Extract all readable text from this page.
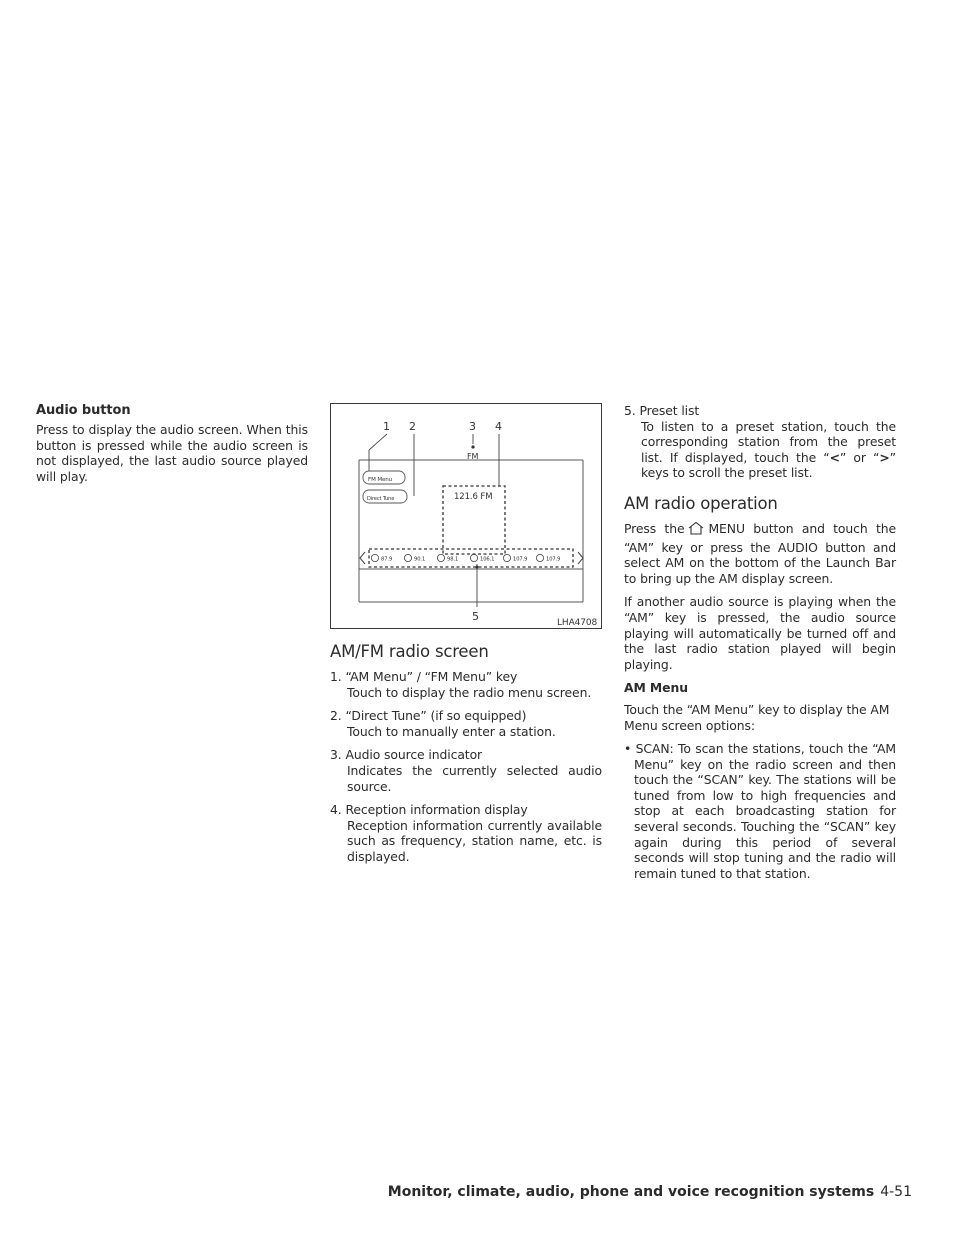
Audio button

Press to display the audio screen. When this button is pressed while the audio screen is not displayed, the last audio source played will play.

1 2	3 4
5
FM
FM Menu
Direct Tune	121.6 FM
87.9	90.1	98.1	106.1	107.9	107.9
LHA4708
AM/FM radio screen
1. “AM Menu” / “FM Menu” key
Touch to display the radio menu screen.
2. “Direct Tune” (if so equipped)
Touch to manually enter a station.
3. Audio source indicator
Indicates the currently selected audio source.
4. Reception information display
Reception information currently available such as frequency, station name, etc. is displayed.
5. Preset list
To listen to a preset station, touch the corresponding station from the preset list. If displayed, touch the “<” or “>” keys to scroll the preset list.
AM radio operation

Press the MENU button and touch the “AM” key or press the AUDIO button and select AM on the bottom of the Launch Bar to bring up the AM display screen.

If another audio source is playing when the “AM” key is pressed, the audio source playing will automatically be turned off and the last radio station played will begin playing.

AM Menu

Touch the “AM Menu” key to display the AM Menu screen options:

• SCAN: To scan the stations, touch the “AM Menu” key on the radio screen and then touch the “SCAN” key. The stations will be tuned from low to high frequencies and stop at each broadcasting station for several seconds. Touching the “SCAN” key again during this period of several seconds will stop tuning and the radio will remain tuned to that station.

Monitor, climate, audio, phone and voice recognition systems 4-51
